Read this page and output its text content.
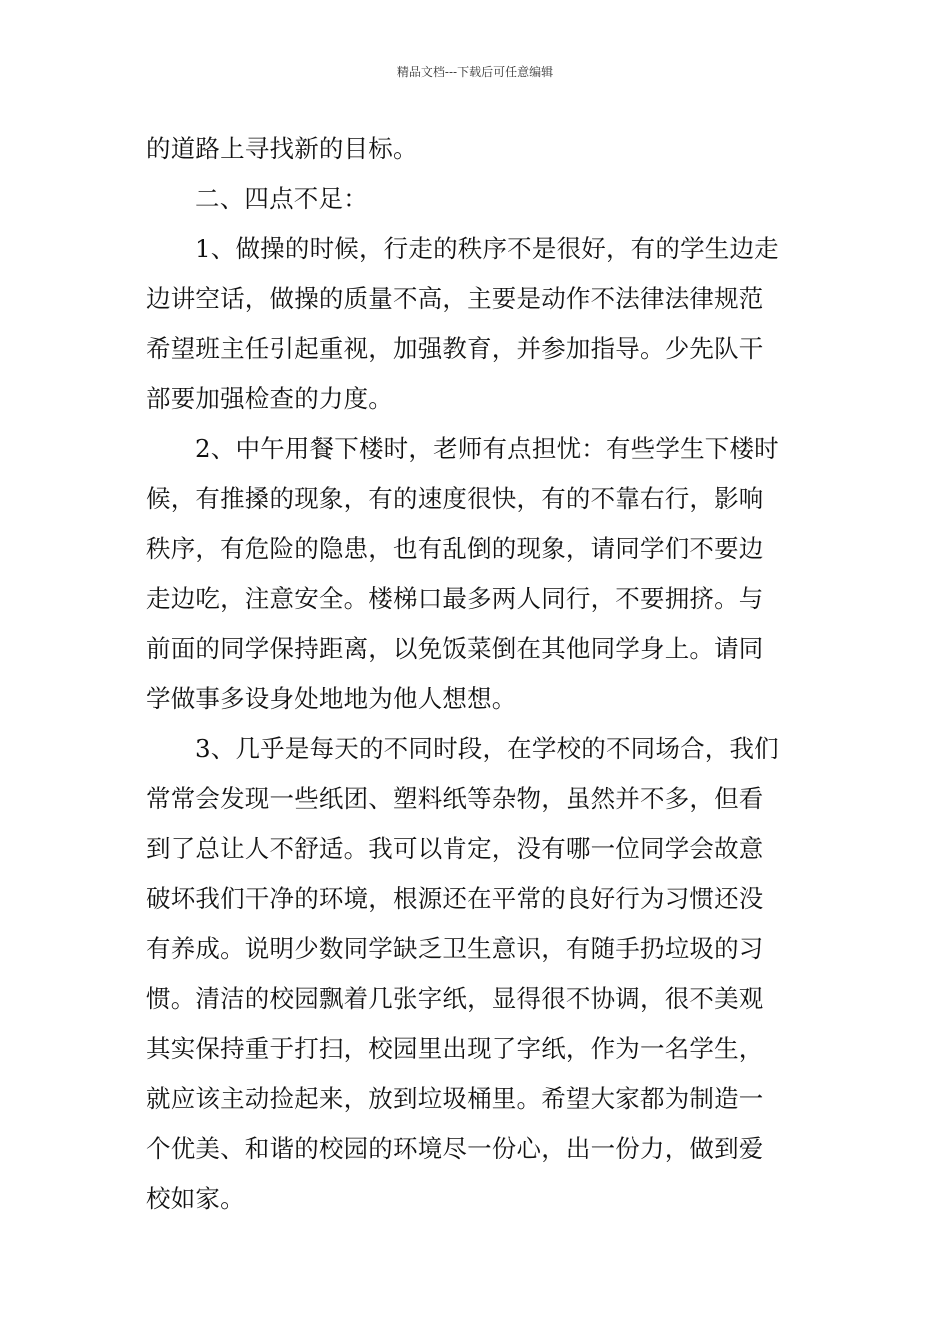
精品文档---下载后可任意编辑
的道路上寻找新的目标。
二、四点不足：
1、做操的时候，行走的秩序不是很好，有的学生边走
边讲空话，做操的质量不高，主要是动作不法律法律规范
希望班主任引起重视，加强教育，并参加指导。少先队干
部要加强检查的力度。
2、中午用餐下楼时，老师有点担忧：有些学生下楼时
候，有推搡的现象，有的速度很快，有的不靠右行，影响
秩序，有危险的隐患，也有乱倒的现象，请同学们不要边
走边吃，注意安全。楼梯口最多两人同行，不要拥挤。与
前面的同学保持距离，以免饭菜倒在其他同学身上。请同
学做事多设身处地地为他人想想。
3、几乎是每天的不同时段，在学校的不同场合，我们
常常会发现一些纸团、塑料纸等杂物，虽然并不多，但看
到了总让人不舒适。我可以肯定，没有哪一位同学会故意
破坏我们干净的环境，根源还在平常的良好行为习惯还没
有养成。说明少数同学缺乏卫生意识，有随手扔垃圾的习
惯。清洁的校园飘着几张字纸，显得很不协调，很不美观
其实保持重于打扫，校园里出现了字纸，作为一名学生，
就应该主动捡起来，放到垃圾桶里。希望大家都为制造一
个优美、和谐的校园的环境尽一份心，出一份力，做到爱
校如家。
